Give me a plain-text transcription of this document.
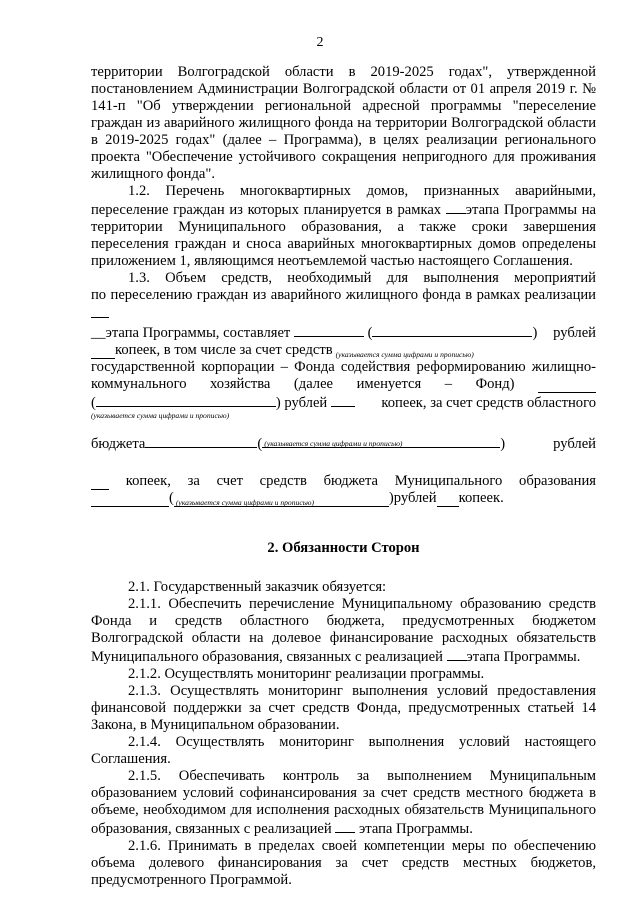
2

территории Волгоградской области в 2019-2025 годах", утвержденной

постановлением Администрации Волгоградской области от 01 апреля 2019 г. №

141-п "Об утверждении региональной адресной программы "переселение граждан из аварийного жилищного фонда на территории Волгоградской области в 2019-2025 годах" (далее – Программа), в целях реализации регионального проекта "Обеспечение устойчивого сокращения непригодного для проживания жилищного фонда".

1.2. Перечень многоквартирных домов, признанных аварийными,

переселение граждан из которых планируется в рамках этапа Программы на

территории Муниципального образования, а также сроки завершения переселения граждан и сноса аварийных многоквартирных домов определены приложением 1, являющимся неотъемлемой частью настоящего Соглашения.

1.3. Объем средств, необходимый для выполнения мероприятий

по переселению граждан из аварийного жилищного фонда в рамках реализации

__этапа Программы, составляет	(	) рублей
копеек, в том числе за счет средств (указывается сумма цифрами и прописью)

государственной корпорации – Фонда содействия реформированию жилищно-

коммунального хозяйства (далее именуется – Фонд)
(	) рублей	копеек, за счет средств областного
(указывается сумма цифрами и прописью)
бюджета	( (указывается сумма цифрами и прописью)	)	рублей
копеек, за счет средств бюджета Муниципального образования
( (указывается сумма цифрами и прописью)	) рублей копеек.

2. Обязанности Сторон

2.1. Государственный заказчик обязуется:

2.1.1. Обеспечить перечисление Муниципальному образованию средств

Фонда и средств областного бюджета, предусмотренных бюджетом

Волгоградской области на долевое финансирование расходных обязательств

Муниципального образования, связанных с реализацией этапа Программы.

2.1.2. Осуществлять мониторинг реализации программы.

2.1.3. Осуществлять мониторинг выполнения условий предоставления финансовой поддержки за счет средств Фонда, предусмотренных статьей 14 Закона, в Муниципальном образовании.

2.1.4. Осуществлять мониторинг выполнения условий настоящего Соглашения.

2.1.5. Обеспечивать контроль за выполнением Муниципальным

образованием условий софинансирования за счет средств местного бюджета в

объеме, необходимом для исполнения расходных обязательств Муниципального

образования, связанных с реализацией  этапа Программы.

2.1.6. Принимать в пределах своей компетенции меры по обеспечению объема долевого финансирования за счет средств местных бюджетов, предусмотренного Программой.
